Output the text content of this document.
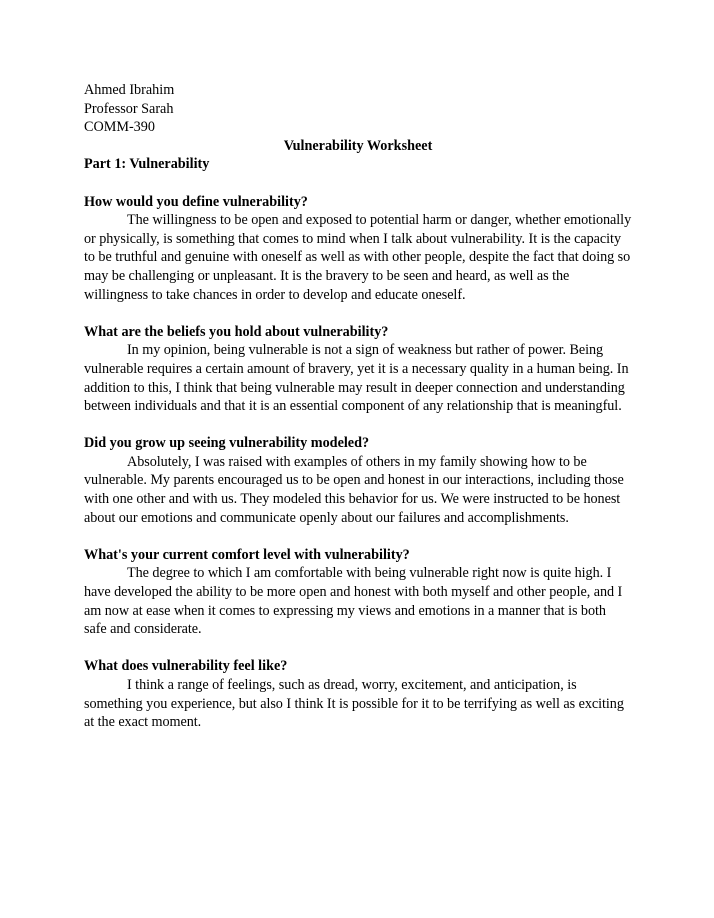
Ahmed Ibrahim
Professor Sarah
COMM-390
Vulnerability Worksheet
Part 1: Vulnerability
How would you define vulnerability?

The willingness to be open and exposed to potential harm or danger, whether emotionally or physically, is something that comes to mind when I talk about vulnerability. It is the capacity to be truthful and genuine with oneself as well as with other people, despite the fact that doing so may be challenging or unpleasant. It is the bravery to be seen and heard, as well as the willingness to take chances in order to develop and educate oneself.

What are the beliefs you hold about vulnerability?

In my opinion, being vulnerable is not a sign of weakness but rather of power. Being vulnerable requires a certain amount of bravery, yet it is a necessary quality in a human being. In addition to this, I think that being vulnerable may result in deeper connection and understanding between individuals and that it is an essential component of any relationship that is meaningful.

Did you grow up seeing vulnerability modeled?

Absolutely, I was raised with examples of others in my family showing how to be vulnerable. My parents encouraged us to be open and honest in our interactions, including those with one other and with us. They modeled this behavior for us. We were instructed to be honest about our emotions and communicate openly about our failures and accomplishments.

What's your current comfort level with vulnerability?

The degree to which I am comfortable with being vulnerable right now is quite high. I have developed the ability to be more open and honest with both myself and other people, and I am now at ease when it comes to expressing my views and emotions in a manner that is both safe and considerate.

What does vulnerability feel like?

I think a range of feelings, such as dread, worry, excitement, and anticipation, is something you experience, but also I think It is possible for it to be terrifying as well as exciting at the exact moment.
